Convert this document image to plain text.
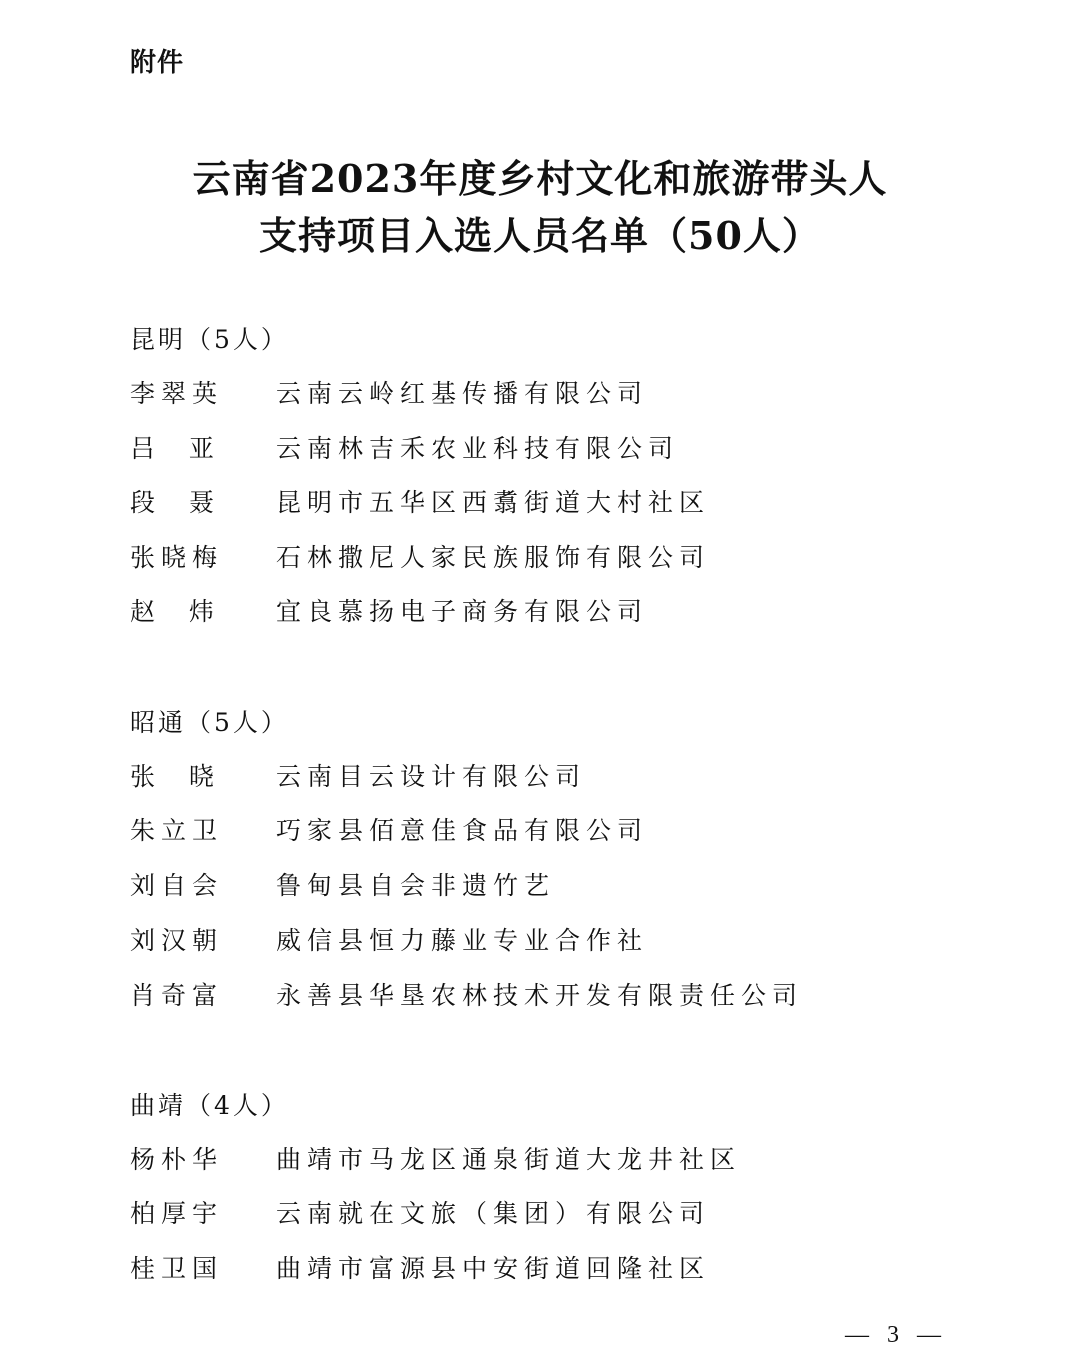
附件
云南省2023年度乡村文化和旅游带头人
支持项目入选人员名单（50人）
昆明（5人）
李翠英	云南云岭红基传播有限公司
吕  亚	云南林吉禾农业科技有限公司
段  聂	昆明市五华区西翥街道大村社区
张晓梅	石林撒尼人家民族服饰有限公司
赵  炜	宜良慕扬电子商务有限公司
昭通（5人）
张  晓	云南目云设计有限公司
朱立卫	巧家县佰意佳食品有限公司
刘自会	鲁甸县自会非遗竹艺
刘汉朝	威信县恒力藤业专业合作社
肖奇富	永善县华垦农林技术开发有限责任公司
曲靖（4人）
杨朴华	曲靖市马龙区通泉街道大龙井社区
柏厚宇	云南就在文旅（集团）有限公司
桂卫国	曲靖市富源县中安街道回隆社区
— 3 —
